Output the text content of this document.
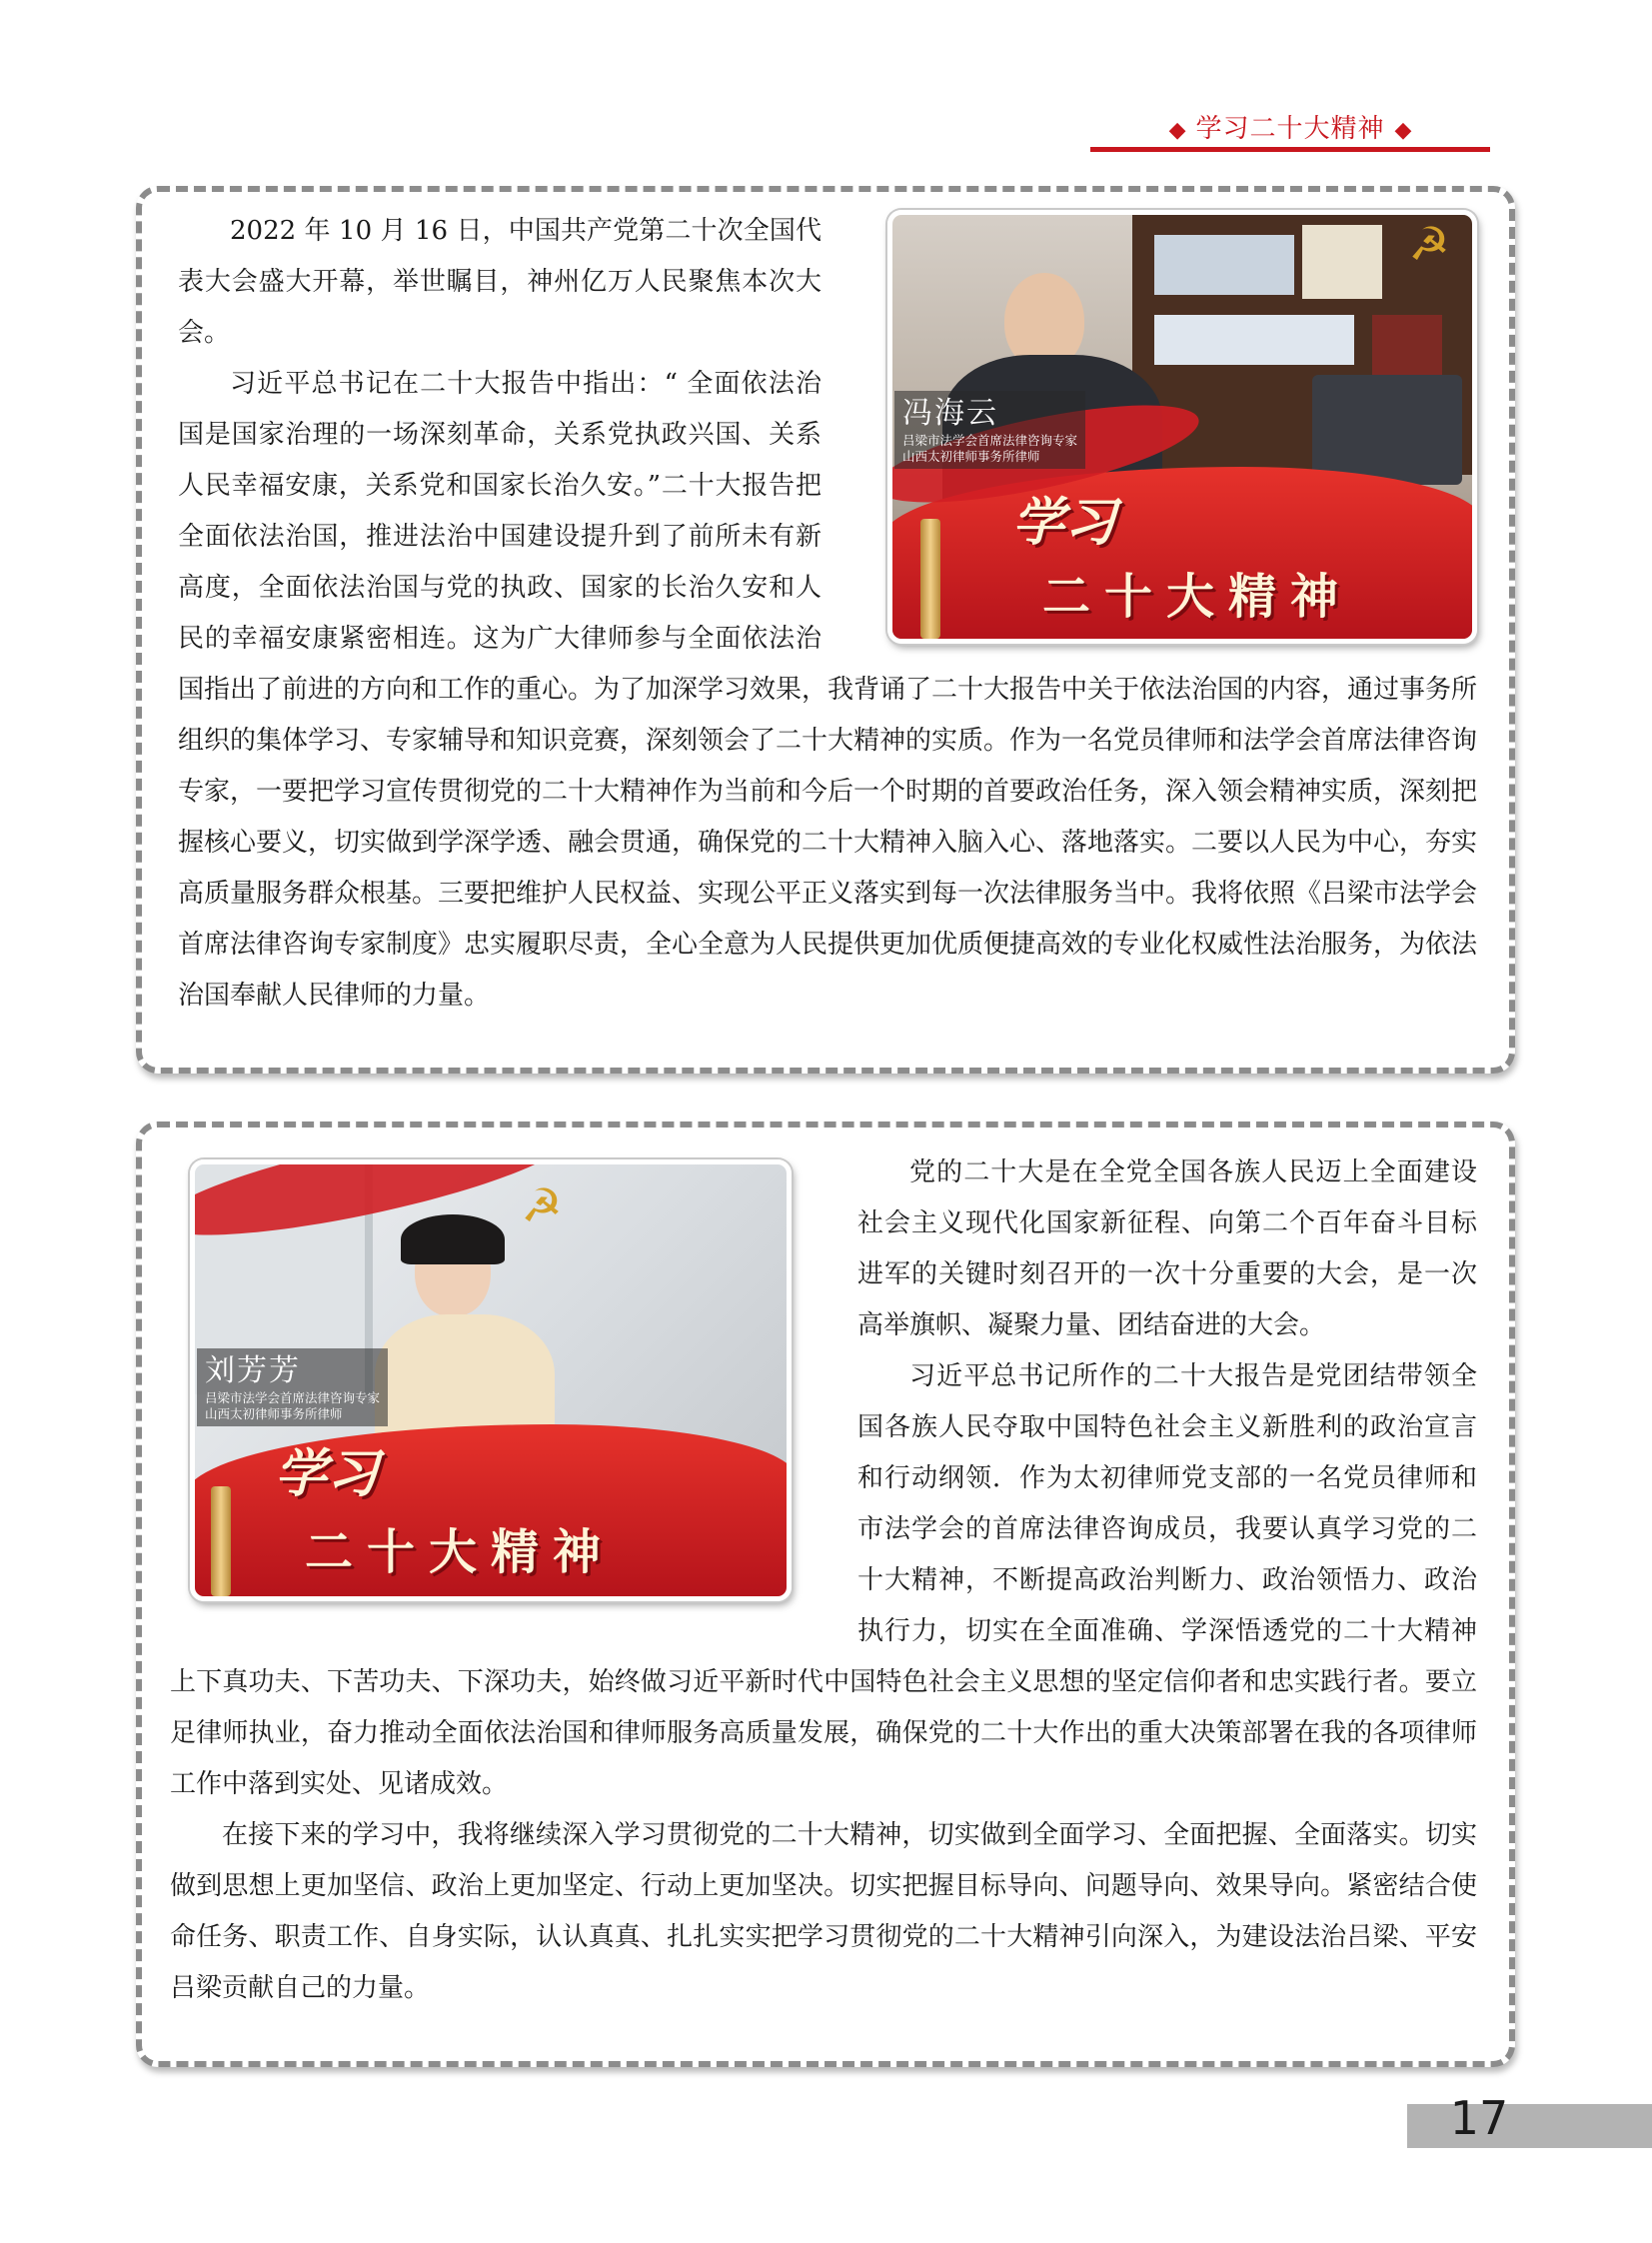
◆ 学习二十大精神 ◆
☭
学习
二十大精神
冯海云
吕梁市法学会首席法律咨询专家
山西太初律师事务所律师

2022 年 10 月 16 日，中国共产党第二十次全国代表大会盛大开幕，举世瞩目，神州亿万人民聚焦本次大会。

习近平总书记在二十大报告中指出：“ 全面依法治国是国家治理的一场深刻革命，关系党执政兴国、关系人民幸福安康，关系党和国家长治久安。”二十大报告把全面依法治国，推进法治中国建设提升到了前所未有新高度，全面依法治国与党的执政、国家的长治久安和人民的幸福安康紧密相连。这为广大律师参与全面依法治国指出了前进的方向和工作的重心。为了加深学习效果，我背诵了二十大报告中关于依法治国的内容，通过事务所组织的集体学习、专家辅导和知识竞赛，深刻领会了二十大精神的实质。作为一名党员律师和法学会首席法律咨询专家，一要把学习宣传贯彻党的二十大精神作为当前和今后一个时期的首要政治任务，深入领会精神实质，深刻把握核心要义，切实做到学深学透、融会贯通，确保党的二十大精神入脑入心、落地落实。二要以人民为中心，夯实高质量服务群众根基。三要把维护人民权益、实现公平正义落实到每一次法律服务当中。我将依照《吕梁市法学会首席法律咨询专家制度》忠实履职尽责，全心全意为人民提供更加优质便捷高效的专业化权威性法治服务，为依法治国奉献人民律师的力量。

☭
学习
二十大精神
刘芳芳
吕梁市法学会首席法律咨询专家
山西太初律师事务所律师

党的二十大是在全党全国各族人民迈上全面建设社会主义现代化国家新征程、向第二个百年奋斗目标进军的关键时刻召开的一次十分重要的大会，是一次高举旗帜、凝聚力量、团结奋进的大会。

习近平总书记所作的二十大报告是党团结带领全国各族人民夺取中国特色社会主义新胜利的政治宣言和行动纲领．作为太初律师党支部的一名党员律师和市法学会的首席法律咨询成员，我要认真学习党的二十大精神，不断提高政治判断力、政治领悟力、政治执行力，切实在全面准确、学深悟透党的二十大精神上下真功夫、下苦功夫、下深功夫，始终做习近平新时代中国特色社会主义思想的坚定信仰者和忠实践行者。要立足律师执业，奋力推动全面依法治国和律师服务高质量发展，确保党的二十大作出的重大决策部署在我的各项律师工作中落到实处、见诸成效。

在接下来的学习中，我将继续深入学习贯彻党的二十大精神，切实做到全面学习、全面把握、全面落实。切实做到思想上更加坚信、政治上更加坚定、行动上更加坚决。切实把握目标导向、问题导向、效果导向。紧密结合使命任务、职责工作、自身实际，认认真真、扎扎实实把学习贯彻党的二十大精神引向深入，为建设法治吕梁、平安吕梁贡献自己的力量。

17
